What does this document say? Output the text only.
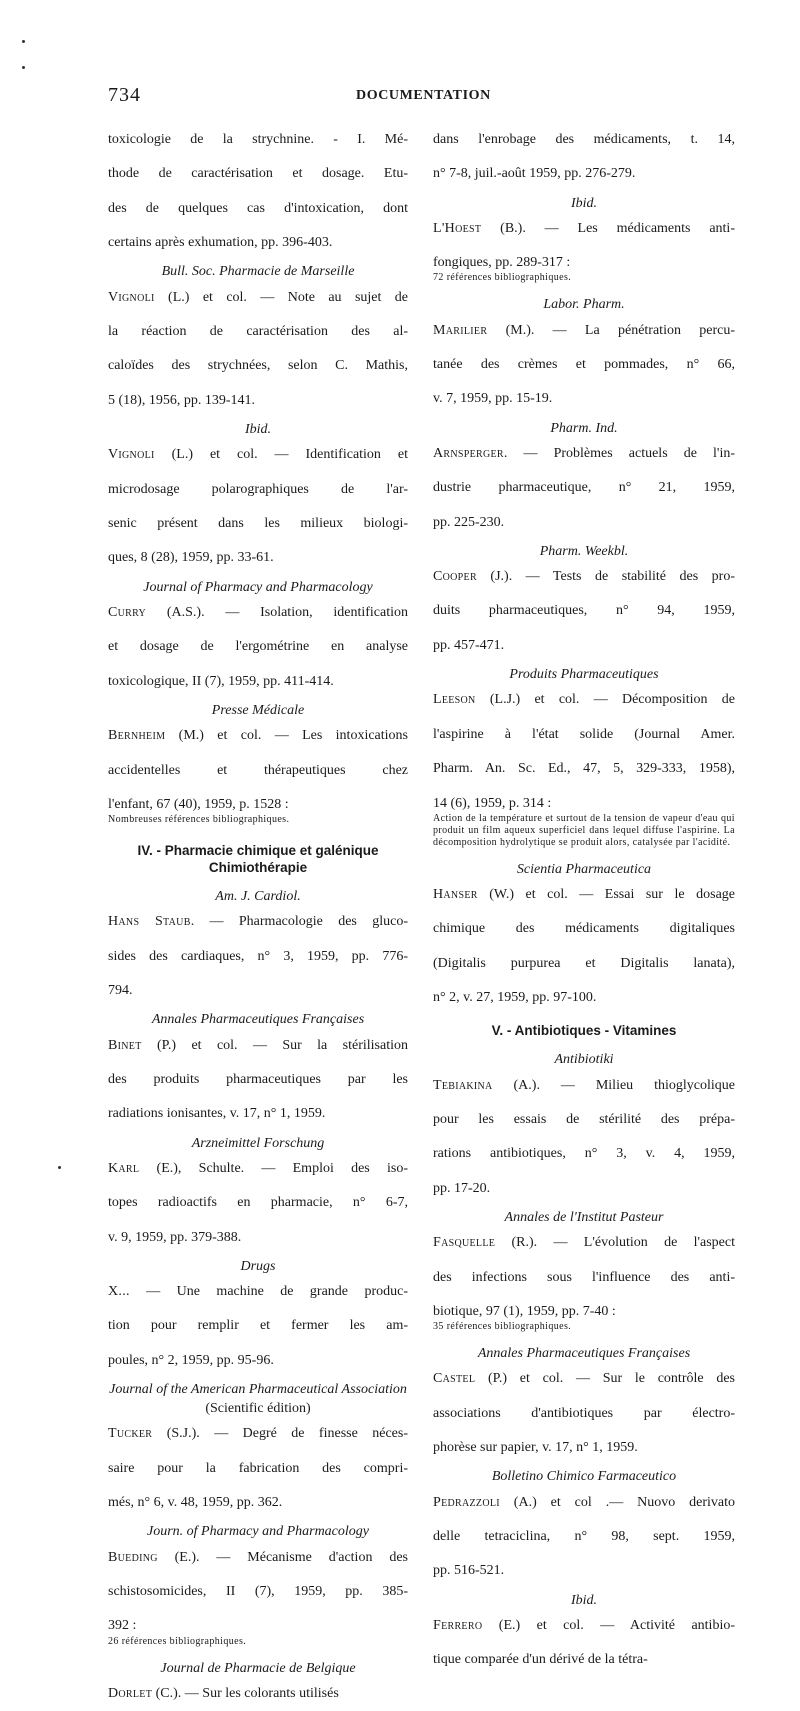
734	DOCUMENTATION

toxicologie de la strychnine. - I. Mé-

thode de caractérisation et dosage. Etu-

des de quelques cas d'intoxication, dont

certains après exhumation, pp. 396-403.

Bull. Soc. Pharmacie de Marseille

Vignoli (L.) et col. — Note au sujet de

la réaction de caractérisation des al-

caloïdes des strychnées, selon C. Mathis,

5 (18), 1956, pp. 139-141.

Ibid.

Vignoli (L.) et col. — Identification et

microdosage polarographiques de l'ar-

senic présent dans les milieux biologi-

ques, 8 (28), 1959, pp. 33-61.

Journal of Pharmacy and Pharmacology

Curry (A.S.). — Isolation, identification

et dosage de l'ergométrine en analyse

toxicologique, II (7), 1959, pp. 411-414.

Presse Médicale

Bernheim (M.) et col. — Les intoxications

accidentelles et thérapeutiques chez

l'enfant, 67 (40), 1959, p. 1528 :

Nombreuses références bibliographiques.
IV. - Pharmacie chimique et galénique
Chimiothérapie
Am. J. Cardiol.

Hans Staub. — Pharmacologie des gluco-

sides des cardiaques, n° 3, 1959, pp. 776-

794.

Annales Pharmaceutiques Françaises

Binet (P.) et col. — Sur la stérilisation

des produits pharmaceutiques par les

radiations ionisantes, v. 17, n° 1, 1959.

Arzneimittel Forschung

Karl (E.), Schulte. — Emploi des iso-

topes radioactifs en pharmacie, n° 6-7,

v. 9, 1959, pp. 379-388.

Drugs

X... — Une machine de grande produc-

tion pour remplir et fermer les am-

poules, n° 2, 1959, pp. 95-96.

Journal of the American Pharmaceutical Association
(Scientific édition)

Tucker (S.J.). — Degré de finesse néces-

saire pour la fabrication des compri-

més, n° 6, v. 48, 1959, pp. 362.

Journ. of Pharmacy and Pharmacology

Bueding (E.). — Mécanisme d'action des

schistosomicides, II (7), 1959, pp. 385-

392 :

26 références bibliographiques.
Journal de Pharmacie de Belgique

Dorlet (C.). — Sur les colorants utilisés

dans l'enrobage des médicaments, t. 14,

n° 7-8, juil.-août 1959, pp. 276-279.

Ibid.

L'Hoest (B.). — Les médicaments anti-

fongiques, pp. 289-317 :

72 références bibliographiques.
Labor. Pharm.

Marilier (M.). — La pénétration percu-

tanée des crèmes et pommades, n° 66,

v. 7, 1959, pp. 15-19.

Pharm. Ind.

Arnsperger. — Problèmes actuels de l'in-

dustrie pharmaceutique, n° 21, 1959,

pp. 225-230.

Pharm. Weekbl.

Cooper (J.). — Tests de stabilité des pro-

duits pharmaceutiques, n° 94, 1959,

pp. 457-471.

Produits Pharmaceutiques

Leeson (L.J.) et col. — Décomposition de

l'aspirine à l'état solide (Journal Amer.

Pharm. An. Sc. Ed., 47, 5, 329-333, 1958),

14 (6), 1959, p. 314 :

Action de la température et surtout de la tension de vapeur d'eau qui produit un film aqueux superficiel dans lequel diffuse l'aspirine. La décomposition hydrolytique se produit alors, catalysée par l'acidité.
Scientia Pharmaceutica

Hanser (W.) et col. — Essai sur le dosage

chimique des médicaments digitaliques

(Digitalis purpurea et Digitalis lanata),

n° 2, v. 27, 1959, pp. 97-100.

V. - Antibiotiques - Vitamines
Antibiotiki

Tebiakina (A.). — Milieu thioglycolique

pour les essais de stérilité des prépa-

rations antibiotiques, n° 3, v. 4, 1959,

pp. 17-20.

Annales de l'Institut Pasteur

Fasquelle (R.). — L'évolution de l'aspect

des infections sous l'influence des anti-

biotique, 97 (1), 1959, pp. 7-40 :

35 références bibliographiques.
Annales Pharmaceutiques Françaises

Castel (P.) et col. — Sur le contrôle des

associations d'antibiotiques par électro-

phorèse sur papier, v. 17, n° 1, 1959.

Bolletino Chimico Farmaceutico

Pedrazzoli (A.) et col .— Nuovo derivato

delle tetraciclina, n° 98, sept. 1959,

pp. 516-521.

Ibid.

Ferrero (E.) et col. — Activité antibio-

tique comparée d'un dérivé de la tétra-
